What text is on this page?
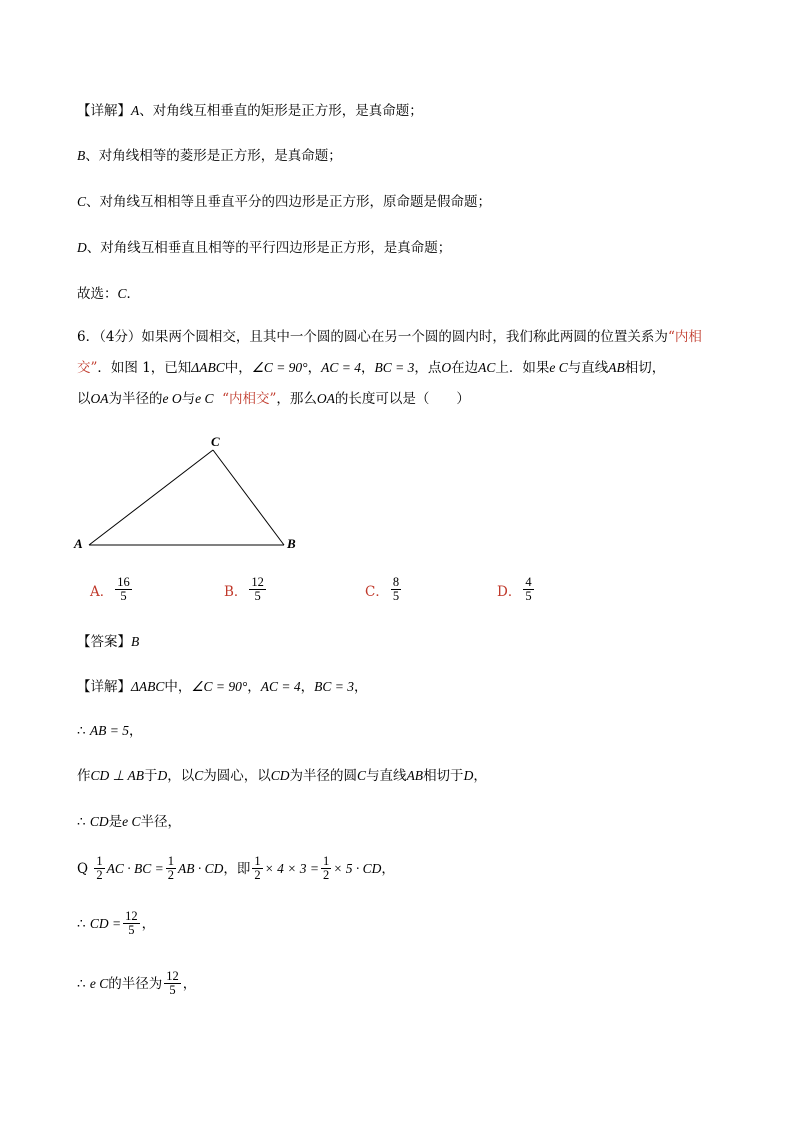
【详解】A、对角线互相垂直的矩形是正方形，是真命题；
B、对角线相等的菱形是正方形，是真命题；
C、对角线互相相等且垂直平分的四边形是正方形，原命题是假命题；
D、对角线互相垂直且相等的平行四边形是正方形，是真命题；
故选：C．
6．（4分）如果两个圆相交，且其中一个圆的圆心在另一个圆的圆内时，我们称此两圆的位置关系为“内相
交”．如图 1，已知ΔABC中，∠C = 90°，AC = 4，BC = 3，点O在边AC上．如果e C与直线AB相切，
以OA为半径的e O与e C “内相交”，那么OA的长度可以是（　　）
A	B
C
A． $\frac{16}{5}$	B． $\frac{12}{5}$	C． $\frac{8}{5}$	D． $\frac{4}{5}$
【答案】B
【详解】ΔABC中，∠C = 90°，AC = 4，BC = 3，
∴ AB = 5，
作CD ⊥ AB于D，以C为圆心，以CD为半径的圆C与直线AB相切于D，
∴ CD是e C半径，
Q
$\frac{1}{2}$ AC · BC = $\frac{1}{2}$ AB · CD ，即 $\frac{1}{2} \times 4 \times 3 = \frac{1}{2} \times 5$ · CD ，
∴
CD = $\frac{12}{5}$ ，
∴
e C 的半径为 $\frac{12}{5}$ ，
